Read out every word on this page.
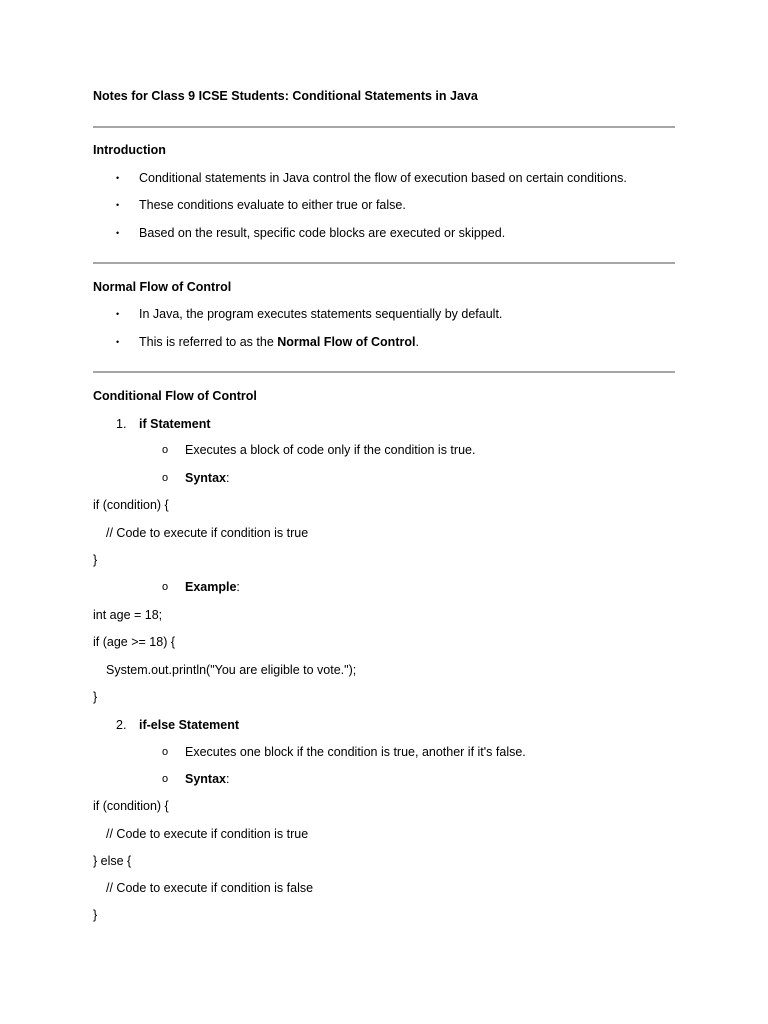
Notes for Class 9 ICSE Students: Conditional Statements in Java
Introduction
• Conditional statements in Java control the flow of execution based on certain conditions.
• These conditions evaluate to either true or false.
• Based on the result, specific code blocks are executed or skipped.
Normal Flow of Control
• In Java, the program executes statements sequentially by default.
• This is referred to as the Normal Flow of Control.
Conditional Flow of Control
1. if Statement
o Executes a block of code only if the condition is true.
o Syntax:
if (condition) {
// Code to execute if condition is true
}
o Example:
int age = 18;
if (age >= 18) {
System.out.println("You are eligible to vote.");
}
2. if-else Statement
o Executes one block if the condition is true, another if it's false.
o Syntax:
if (condition) {
// Code to execute if condition is true
} else {
// Code to execute if condition is false
}
